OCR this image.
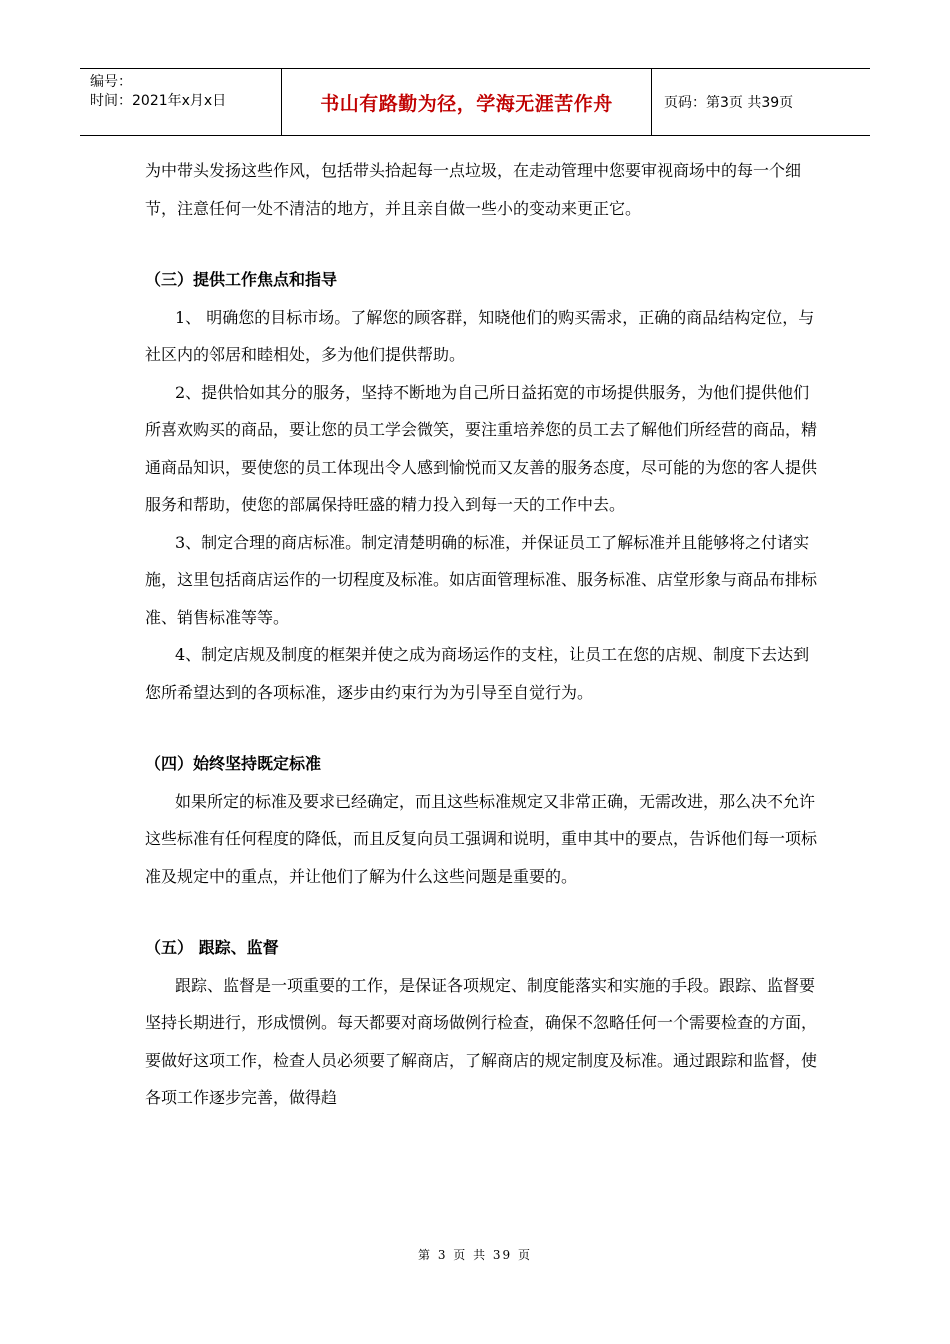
编号：
时间：2021年x月x日	书山有路勤为径，学海无涯苦作舟	页码：第3页 共39页

为中带头发扬这些作风，包括带头拾起每一点垃圾，在走动管理中您要审视商场中的每一个细节，注意任何一处不清洁的地方，并且亲自做一些小的变动来更正它。

（三）提供工作焦点和指导

1、 明确您的目标市场。了解您的顾客群，知晓他们的购买需求，正确的商品结构定位，与社区内的邻居和睦相处，多为他们提供帮助。

2、提供恰如其分的服务，坚持不断地为自己所日益拓宽的市场提供服务，为他们提供他们所喜欢购买的商品，要让您的员工学会微笑，要注重培养您的员工去了解他们所经营的商品，精通商品知识，要使您的员工体现出令人感到愉悦而又友善的服务态度，尽可能的为您的客人提供服务和帮助，使您的部属保持旺盛的精力投入到每一天的工作中去。

3、制定合理的商店标准。制定清楚明确的标准，并保证员工了解标准并且能够将之付诸实施，这里包括商店运作的一切程度及标准。如店面管理标准、服务标准、店堂形象与商品布排标准、销售标准等等。

4、制定店规及制度的框架并使之成为商场运作的支柱，让员工在您的店规、制度下去达到您所希望达到的各项标准，逐步由约束行为为引导至自觉行为。

（四）始终坚持既定标准

如果所定的标准及要求已经确定，而且这些标准规定又非常正确，无需改进，那么决不允许这些标准有任何程度的降低，而且反复向员工强调和说明，重申其中的要点，告诉他们每一项标准及规定中的重点，并让他们了解为什么这些问题是重要的。

（五） 跟踪、监督

跟踪、监督是一项重要的工作，是保证各项规定、制度能落实和实施的手段。跟踪、监督要坚持长期进行，形成惯例。每天都要对商场做例行检查，确保不忽略任何一个需要检查的方面，要做好这项工作，检查人员必须要了解商店，了解商店的规定制度及标准。通过跟踪和监督，使各项工作逐步完善，做得趋

第 3 页 共 39 页
